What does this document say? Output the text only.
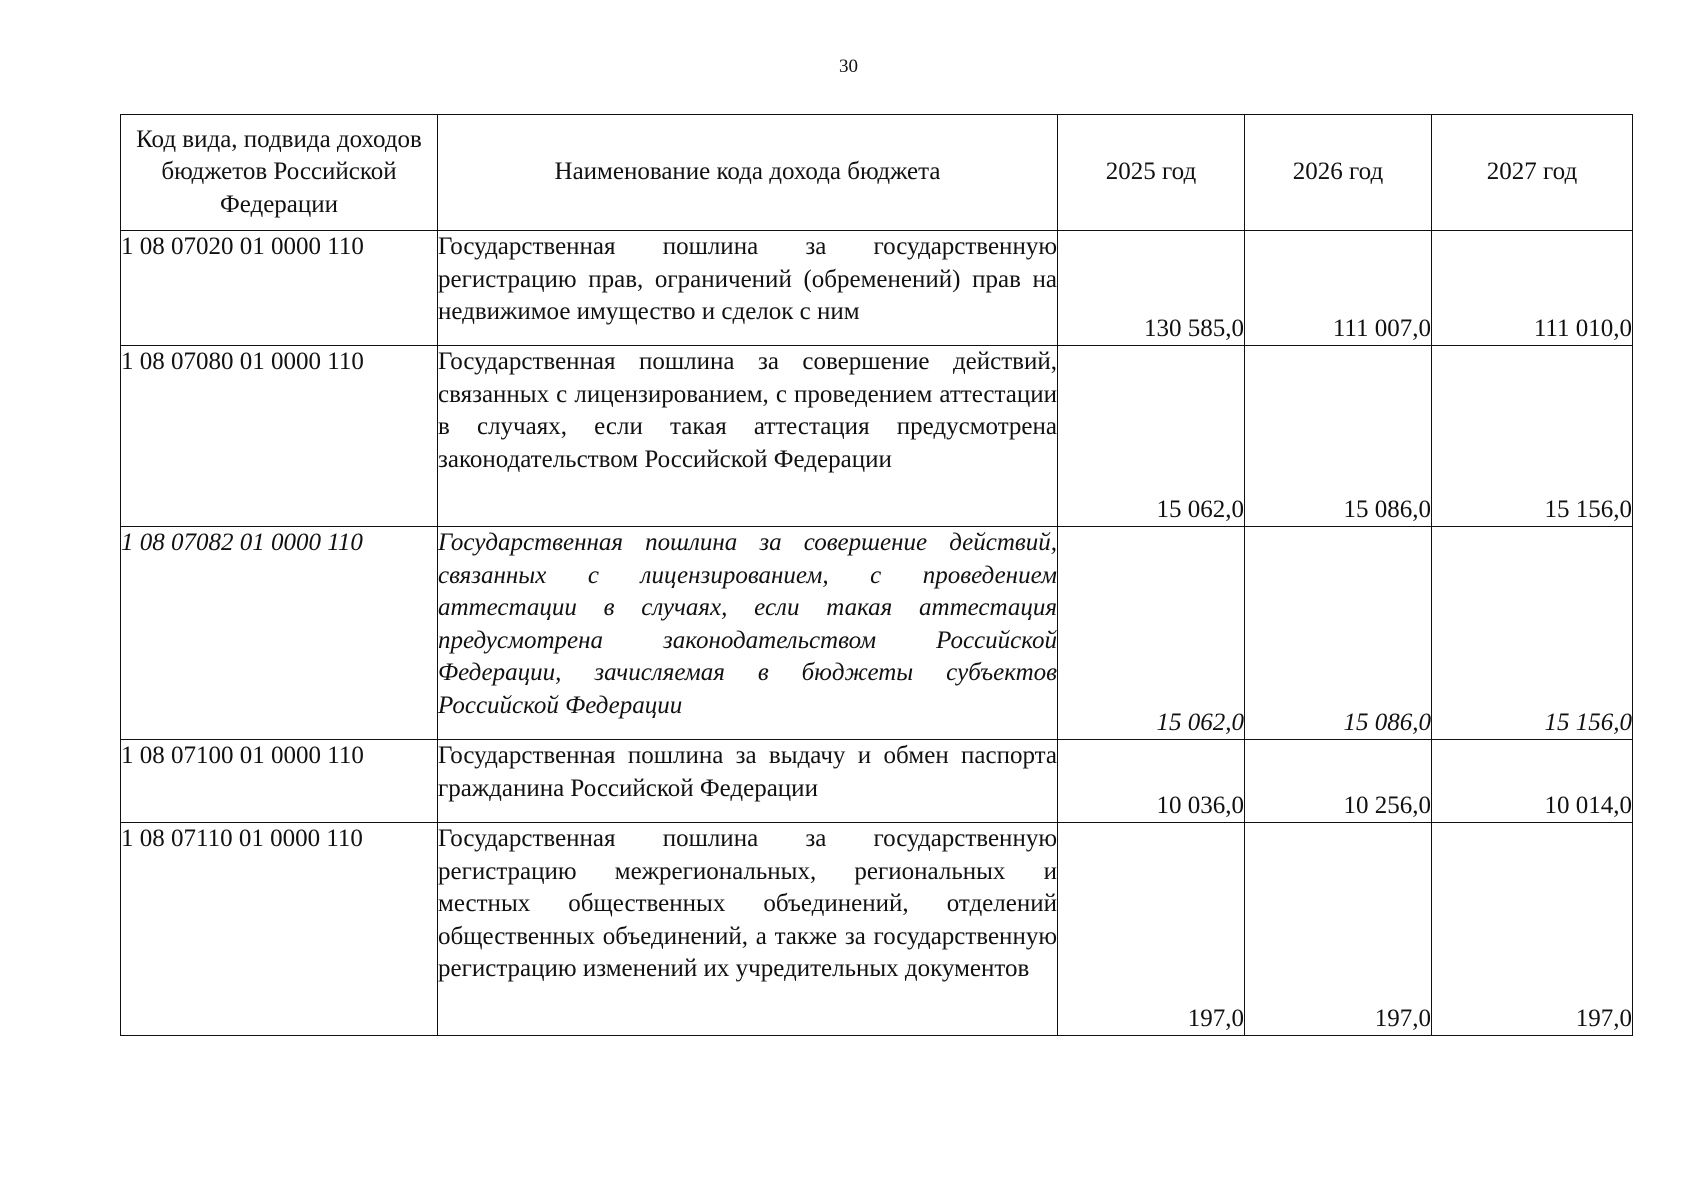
30
Код вида, подвида доходов бюджетов Российской Федерации	Наименование кода дохода бюджета	2025 год	2026 год	2027 год
1 08 07020 01 0000 110	Государственная пошлина за государственную регистрацию прав, ограничений (обременений) прав на недвижимое имущество и сделок с ним	130 585,0	111 007,0	111 010,0
1 08 07080 01 0000 110	Государственная пошлина за совершение действий, связанных с лицензированием, с проведением аттестации в случаях, если такая аттестация предусмотрена законодательством Российской Федерации	15 062,0	15 086,0	15 156,0
1 08 07082 01 0000 110	Государственная пошлина за совершение действий, связанных с лицензированием, с проведением аттестации в случаях, если такая аттестация предусмотрена законодательством Российской Федерации, зачисляемая в бюджеты субъектов Российской Федерации	15 062,0	15 086,0	15 156,0
1 08 07100 01 0000 110	Государственная пошлина за выдачу и обмен паспорта гражданина Российской Федерации	10 036,0	10 256,0	10 014,0
1 08 07110 01 0000 110	Государственная пошлина за государственную регистрацию межрегиональных, региональных и местных общественных объединений, отделений общественных объединений, а также за государственную регистрацию изменений их учредительных документов	197,0	197,0	197,0
